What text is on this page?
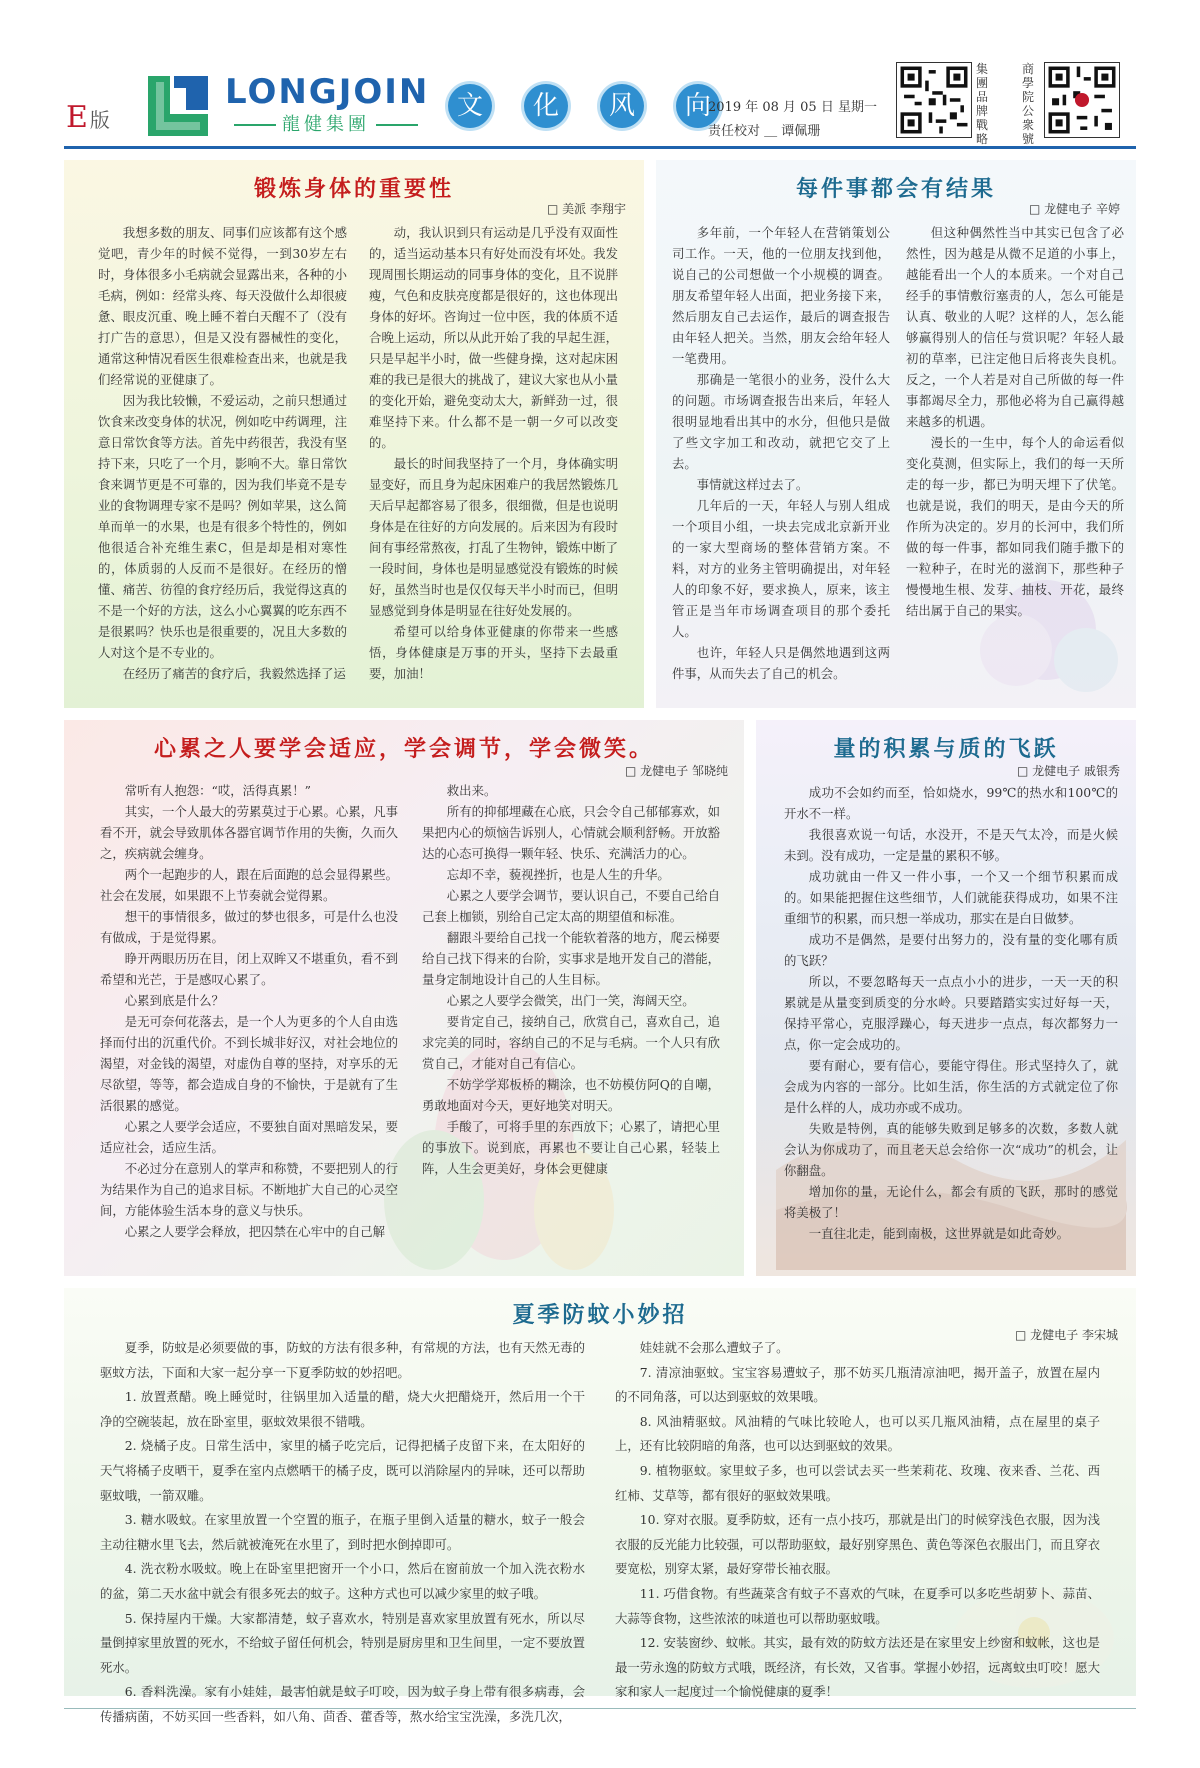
E版
LONGJOIN
龍健集團
文	化	风	向
2019 年 08 月 05 日 星期一
责任校对 ＿ 谭佩珊
集團品牌戰略
商學院公衆號
锻炼身体的重要性
□ 美派 李翔宇

我想多数的朋友、同事们应该都有这个感觉吧，青少年的时候不觉得，一到30岁左右时，身体很多小毛病就会显露出来，各种的小毛病，例如：经常头疼、每天没做什么却很疲惫、眼皮沉重、晚上睡不着白天醒不了（没有打广告的意思），但是又没有器械性的变化，通常这种情况看医生很难检查出来，也就是我们经常说的亚健康了。

因为我比较懒，不爱运动，之前只想通过饮食来改变身体的状况，例如吃中药调理，注意日常饮食等方法。首先中药很苦，我没有坚持下来，只吃了一个月，影响不大。靠日常饮食来调节更是不可靠的，因为我们毕竟不是专业的食物调理专家不是吗？例如苹果，这么简单而单一的水果，也是有很多个特性的，例如他很适合补充维生素C，但是却是相对寒性的，体质弱的人反而不是很好。在经历的憎懂、痛苦、彷徨的食疗经历后，我觉得这真的不是一个好的方法，这么小心翼翼的吃东西不是很累吗？快乐也是很重要的，况且大多数的人对这个是不专业的。

在经历了痛苦的食疗后，我毅然选择了运

动，我认识到只有运动是几乎没有双面性的，适当运动基本只有好处而没有坏处。我发现周围长期运动的同事身体的变化，且不说胖瘦，气色和皮肤亮度都是很好的，这也体现出身体的好坏。咨询过一位中医，我的体质不适合晚上运动，所以从此开始了我的早起生涯，只是早起半小时，做一些健身操，这对起床困难的我已是很大的挑战了，建议大家也从小量的变化开始，避免变动太大，新鲜劲一过，很难坚持下来。什么都不是一朝一夕可以改变的。

最长的时间我坚持了一个月，身体确实明显变好，而且身为起床困难户的我居然锻炼几天后早起都容易了很多，很细微，但是也说明身体是在往好的方向发展的。后来因为有段时间有事经常熬夜，打乱了生物钟，锻炼中断了一段时间，身体也是明显感觉没有锻炼的时候好，虽然当时也是仅仅每天半小时而已，但明显感觉到身体是明显在往好处发展的。

希望可以给身体亚健康的你带来一些感悟，身体健康是万事的开头，坚持下去最重要，加油！

每件事都会有结果
□ 龙健电子 辛婷

多年前，一个年轻人在营销策划公司工作。一天，他的一位朋友找到他，说自己的公司想做一个小规模的调查。朋友希望年轻人出面，把业务接下来，然后朋友自己去运作，最后的调查报告由年轻人把关。当然，朋友会给年轻人一笔费用。

那确是一笔很小的业务，没什么大的问题。市场调查报告出来后，年轻人很明显地看出其中的水分，但他只是做了些文字加工和改动，就把它交了上去。

事情就这样过去了。

几年后的一天，年轻人与别人组成一个项目小组，一块去完成北京新开业的一家大型商场的整体营销方案。不料，对方的业务主管明确提出，对年轻人的印象不好，要求换人，原来，该主管正是当年市场调查项目的那个委托人。

也许，年轻人只是偶然地遇到这两件事，从而失去了自己的机会。

但这种偶然性当中其实已包含了必然性，因为越是从微不足道的小事上，越能看出一个人的本质来。一个对自己经手的事情敷衍塞责的人，怎么可能是认真、敬业的人呢？这样的人，怎么能够赢得别人的信任与赏识呢？年轻人最初的草率，已注定他日后将丧失良机。反之，一个人若是对自己所做的每一件事都竭尽全力，那他必将为自己赢得越来越多的机遇。

漫长的一生中，每个人的命运看似变化莫测，但实际上，我们的每一天所走的每一步，都已为明天埋下了伏笔。也就是说，我们的明天，是由今天的所作所为决定的。岁月的长河中，我们所做的每一件事，都如同我们随手撒下的一粒种子，在时光的滋润下，那些种子慢慢地生根、发芽、抽枝、开花，最终结出属于自己的果实。

心累之人要学会适应，学会调节，学会微笑。
□ 龙健电子 邹晓纯

常听有人抱怨：“哎，活得真累！”

其实，一个人最大的劳累莫过于心累。心累，凡事看不开，就会导致肌体各器官调节作用的失衡，久而久之，疾病就会缠身。

两个一起跑步的人，跟在后面跑的总会显得累些。社会在发展，如果跟不上节奏就会觉得累。

想干的事情很多，做过的梦也很多，可是什么也没有做成，于是觉得累。

睁开两眼历历在目，闭上双眸又不堪重负，看不到希望和光芒，于是感叹心累了。

心累到底是什么？

是无可奈何花落去，是一个人为更多的个人自由选择而付出的沉重代价。不到长城非好汉，对社会地位的渴望，对金钱的渴望，对虚伪自尊的坚持，对享乐的无尽欲望，等等，都会造成自身的不愉快，于是就有了生活很累的感觉。

心累之人要学会适应，不要独自面对黑暗发呆，要适应社会，适应生活。

不必过分在意别人的掌声和称赞，不要把别人的行为结果作为自己的追求目标。不断地扩大自己的心灵空间，方能体验生活本身的意义与快乐。

心累之人要学会释放，把囚禁在心牢中的自己解

救出来。

所有的抑郁埋藏在心底，只会令自己郁郁寡欢，如果把内心的烦恼告诉别人，心情就会顺利舒畅。开放豁达的心态可换得一颗年轻、快乐、充满活力的心。

忘却不幸，藐视挫折，也是人生的升华。

心累之人要学会调节，要认识自己，不要自己给自己套上枷锁，别给自己定太高的期望值和标准。

翻跟斗要给自己找一个能软着落的地方，爬云梯要给自己找下得来的台阶，实事求是地开发自己的潜能，量身定制地设计自己的人生目标。

心累之人要学会微笑，出门一笑，海阔天空。

要肯定自己，接纳自己，欣赏自己，喜欢自己，追求完美的同时，容纳自己的不足与毛病。一个人只有欣赏自己，才能对自己有信心。

不妨学学郑板桥的糊涂，也不妨模仿阿Q的自嘲，勇敢地面对今天，更好地笑对明天。

手酸了，可将手里的东西放下；心累了，请把心里的事放下。说到底，再累也不要让自己心累，轻装上阵，人生会更美好，身体会更健康

量的积累与质的飞跃
□ 龙健电子 戚银秀

成功不会如约而至，恰如烧水，99℃的热水和100℃的开水不一样。

我很喜欢说一句话，水没开，不是天气太冷，而是火候未到。没有成功，一定是量的累积不够。

成功就由一件又一件小事，一个又一个细节积累而成的。如果能把握住这些细节，人们就能获得成功，如果不注重细节的积累，而只想一举成功，那实在是白日做梦。

成功不是偶然，是要付出努力的，没有量的变化哪有质的飞跃？

所以，不要忽略每天一点点小小的进步，一天一天的积累就是从量变到质变的分水岭。只要踏踏实实过好每一天，保持平常心，克服浮躁心，每天进步一点点，每次都努力一点，你一定会成功的。

要有耐心，要有信心，要能守得住。形式坚持久了，就会成为内容的一部分。比如生活，你生活的方式就定位了你是什么样的人，成功亦或不成功。

失败是特例，真的能够失败到足够多的次数，多数人就会认为你成功了，而且老天总会给你一次“成功”的机会，让你翻盘。

增加你的量，无论什么，都会有质的飞跃，那时的感觉将美极了！

一直往北走，能到南极，这世界就是如此奇妙。

夏季防蚊小妙招
□ 龙健电子 李宋城

夏季，防蚊是必须要做的事，防蚊的方法有很多种，有常规的方法，也有天然无毒的驱蚊方法，下面和大家一起分享一下夏季防蚊的妙招吧。

1. 放置煮醋。晚上睡觉时，往锅里加入适量的醋，烧大火把醋烧开，然后用一个干净的空碗装起，放在卧室里，驱蚊效果很不错哦。

2. 烧橘子皮。日常生活中，家里的橘子吃完后，记得把橘子皮留下来，在太阳好的天气将橘子皮晒干，夏季在室内点燃晒干的橘子皮，既可以消除屋内的异味，还可以帮助驱蚊哦，一箭双雕。

3. 糖水吸蚊。在家里放置一个空置的瓶子，在瓶子里倒入适量的糖水，蚊子一般会主动往糖水里飞去，然后就被淹死在水里了，到时把水倒掉即可。

4. 洗衣粉水吸蚊。晚上在卧室里把窗开一个小口，然后在窗前放一个加入洗衣粉水的盆，第二天水盆中就会有很多死去的蚊子。这种方式也可以减少家里的蚊子哦。

5. 保持屋内干燥。大家都清楚，蚊子喜欢水，特别是喜欢家里放置有死水，所以尽量倒掉家里放置的死水，不给蚊子留任何机会，特别是厨房里和卫生间里，一定不要放置死水。

6. 香料洗澡。家有小娃娃，最害怕就是蚊子叮咬，因为蚊子身上带有很多病毒，会传播病菌，不妨买回一些香料，如八角、茴香、藿香等，熬水给宝宝洗澡，多洗几次，

娃娃就不会那么遭蚊子了。

7. 清凉油驱蚊。宝宝容易遭蚊子，那不妨买几瓶清凉油吧，揭开盖子，放置在屋内的不同角落，可以达到驱蚊的效果哦。

8. 风油精驱蚊。风油精的气味比较呛人，也可以买几瓶风油精，点在屋里的桌子上，还有比较阴暗的角落，也可以达到驱蚊的效果。

9. 植物驱蚊。家里蚊子多，也可以尝试去买一些茉莉花、玫瑰、夜来香、兰花、西红柿、艾草等，都有很好的驱蚊效果哦。

10. 穿对衣服。夏季防蚊，还有一点小技巧，那就是出门的时候穿浅色衣服，因为浅衣服的反光能力比较强，可以帮助驱蚊，最好别穿黑色、黄色等深色衣服出门，而且穿衣要宽松，别穿太紧，最好穿带长袖衣服。

11. 巧借食物。有些蔬菜含有蚊子不喜欢的气味，在夏季可以多吃些胡萝卜、蒜苗、大蒜等食物，这些浓浓的味道也可以帮助驱蚊哦。

12. 安装窗纱、蚊帐。其实，最有效的防蚊方法还是在家里安上纱窗和蚊帐，这也是最一劳永逸的防蚊方式哦，既经济，有长效，又省事。掌握小妙招，远离蚊虫叮咬！愿大家和家人一起度过一个愉悦健康的夏季！
